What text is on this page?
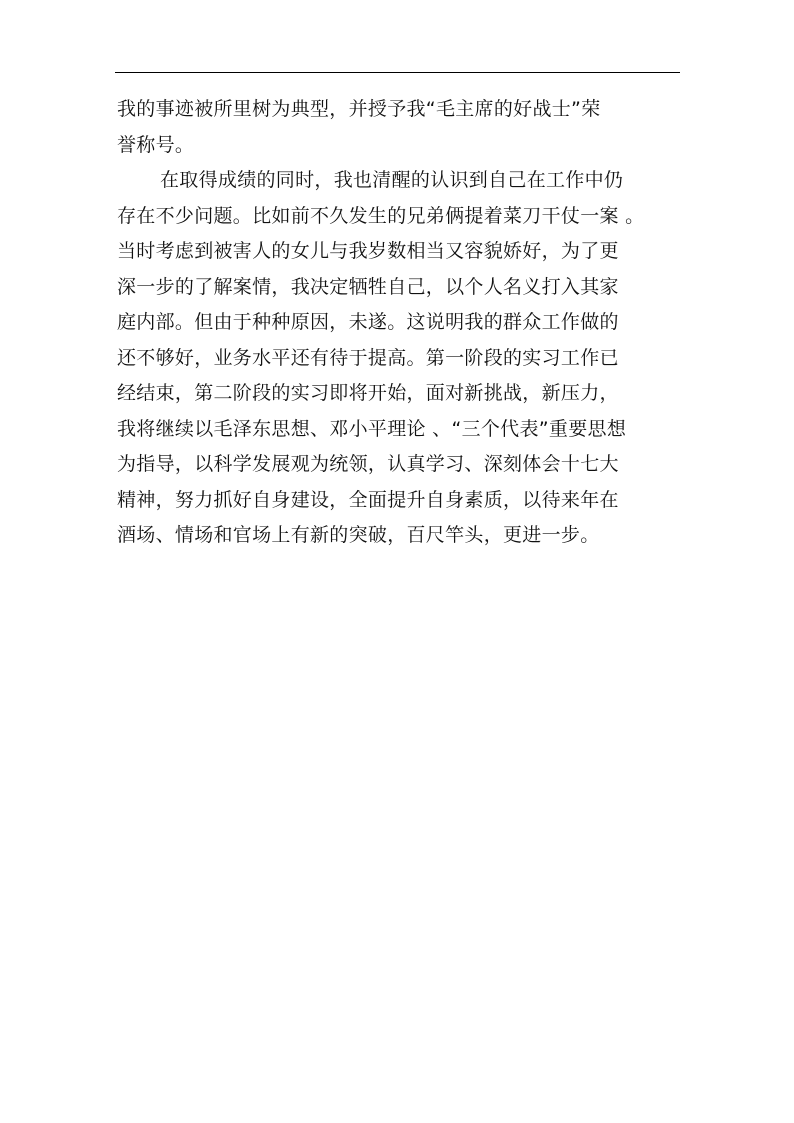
我的事迹被所里树为典型，并授予我“毛主席的好战士”荣
誉称号。
在取得成绩的同时，我也清醒的认识到自己在工作中仍
存在不少问题。比如前不久发生的兄弟俩提着菜刀干仗一案 。
当时考虑到被害人的女儿与我岁数相当又容貌娇好，为了更
深一步的了解案情，我决定牺牲自己，以个人名义打入其家
庭内部。但由于种种原因，未遂。这说明我的群众工作做的
还不够好，业务水平还有待于提高。第一阶段的实习工作已
经结束，第二阶段的实习即将开始，面对新挑战，新压力，
我将继续以毛泽东思想、邓小平理论 、“三个代表”重要思想
为指导，以科学发展观为统领，认真学习、深刻体会十七大
精神，努力抓好自身建设，全面提升自身素质，以待来年在
酒场、情场和官场上有新的突破，百尺竿头，更进一步。
